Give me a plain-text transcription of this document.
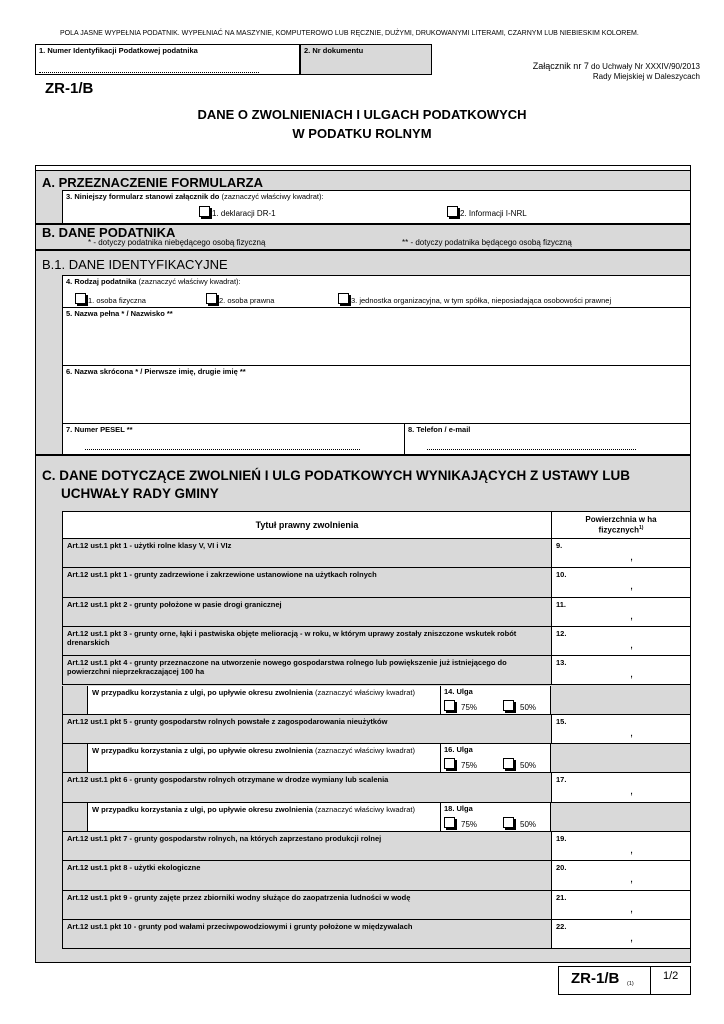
POLA JASNE WYPEŁNIA PODATNIK. WYPEŁNIAĆ NA MASZYNIE, KOMPUTEROWO LUB RĘCZNIE, DUŻYMI, DRUKOWANYMI LITERAMI, CZARNYM LUB NIEBIESKIM KOLOREM.
1. Numer Identyfikacji Podatkowej podatnika	2. Nr dokumentu
Załącznik nr 7 do Uchwały Nr XXXIV/90/2013
Rady Miejskiej w Daleszycach
ZR-1/B
DANE O ZWOLNIENIACH I ULGACH PODATKOWYCH
W PODATKU ROLNYM
A. PRZEZNACZENIE FORMULARZA
3. Niniejszy formularz stanowi załącznik do (zaznaczyć właściwy kwadrat):
1. deklaracji DR-1	2. Informacji I-NRL
B. DANE PODATNIKA
* - dotyczy podatnika niebędącego osobą fizyczną	** - dotyczy podatnika będącego osobą fizyczną
B.1. DANE IDENTYFIKACYJNE
4. Rodzaj podatnika (zaznaczyć właściwy kwadrat):
1. osoba fizyczna	2. osoba prawna	3. jednostka organizacyjna, w tym spółka, nieposiadająca osobowości prawnej
5. Nazwa pełna * / Nazwisko **
6. Nazwa skrócona * / Pierwsze imię, drugie imię **
7. Numer PESEL **	8. Telefon / e-mail
C. DANE DOTYCZĄCE ZWOLNIEŃ I ULG PODATKOWYCH WYNIKAJĄCYCH Z USTAWY LUB
UCHWAŁY RADY GMINY
Tytuł prawny zwolnienia
Powierzchnia w ha
fizycznych$^{1)}$
Art.12 ust.1 pkt 1 - użytki rolne klasy V, VI i VIz	9.
,
Art.12 ust.1 pkt 1 - grunty zadrzewione i zakrzewione ustanowione na użytkach rolnych	10.
,
Art.12 ust.1 pkt 2 - grunty położone w pasie drogi granicznej	11.
,
Art.12 ust.1 pkt 3 - grunty orne, łąki i pastwiska objęte melioracją - w roku, w którym uprawy zostały zniszczone wskutek robót drenarskich
12.
,
Art.12 ust.1 pkt 4 - grunty przeznaczone na utworzenie nowego gospodarstwa rolnego lub powiększenie już istniejącego do powierzchni nieprzekraczającej 100 ha
13.
,
W przypadku korzystania z ulgi, po upływie okresu zwolnienia (zaznaczyć właściwy kwadrat)	14. Ulga
75%	50%
Art.12 ust.1 pkt 5 - grunty gospodarstw rolnych powstałe z zagospodarowania nieużytków	15.
,
W przypadku korzystania z ulgi, po upływie okresu zwolnienia (zaznaczyć właściwy kwadrat)	16. Ulga
75%	50%
Art.12 ust.1 pkt 6 - grunty gospodarstw rolnych otrzymane w drodze wymiany lub scalenia	17.
,
W przypadku korzystania z ulgi, po upływie okresu zwolnienia (zaznaczyć właściwy kwadrat)	18. Ulga
75%	50%
Art.12 ust.1 pkt 7 - grunty gospodarstw rolnych, na których zaprzestano produkcji rolnej	19.
,
Art.12 ust.1 pkt 8 - użytki ekologiczne	20.
,
Art.12 ust.1 pkt 9 - grunty zajęte przez zbiorniki wodny służące do zaopatrzenia ludności w wodę	21.
,
Art.12 ust.1 pkt 10 - grunty pod wałami przeciwpowodziowymi i grunty położone w międzywalach	22.
,
ZR-1/B (1)
1/2
